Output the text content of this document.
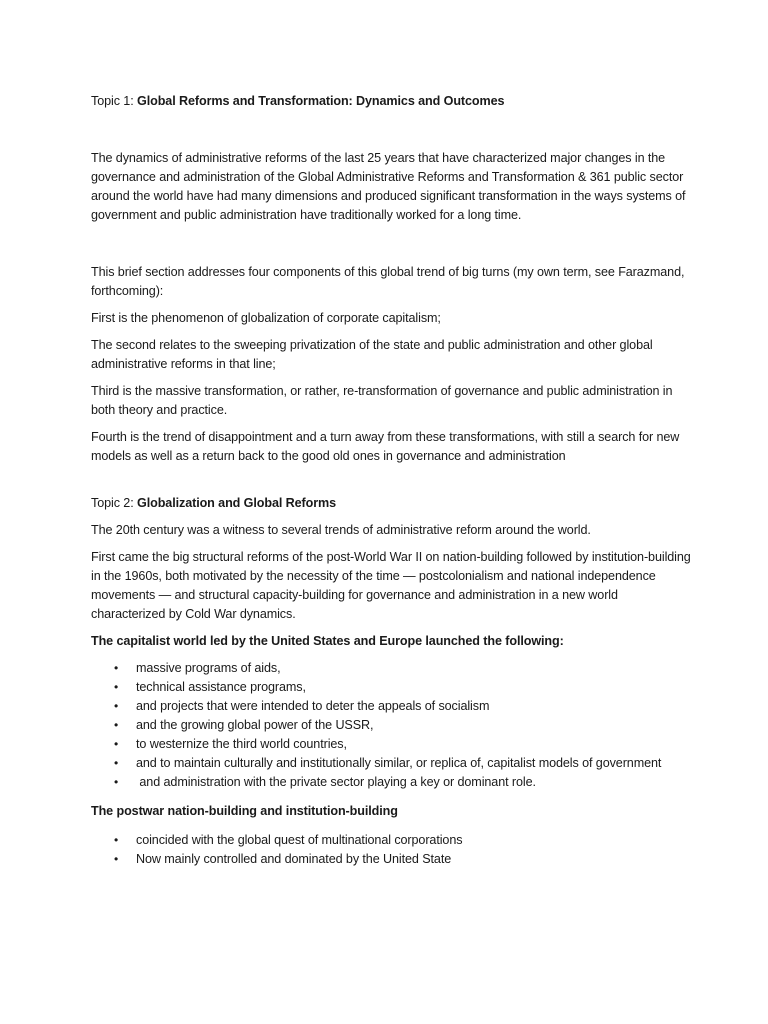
Topic 1: Global Reforms and Transformation: Dynamics and Outcomes

The dynamics of administrative reforms of the last 25 years that have characterized major changes in the governance and administration of the Global Administrative Reforms and Transformation & 361 public sector around the world have had many dimensions and produced significant transformation in the ways systems of government and public administration have traditionally worked for a long time.

This brief section addresses four components of this global trend of big turns (my own term, see Farazmand, forthcoming):

First is the phenomenon of globalization of corporate capitalism;

The second relates to the sweeping privatization of the state and public administration and other global administrative reforms in that line;

Third is the massive transformation, or rather, re-transformation of governance and public administration in both theory and practice.

Fourth is the trend of disappointment and a turn away from these transformations, with still a search for new models as well as a return back to the good old ones in governance and administration

Topic 2: Globalization and Global Reforms

The 20th century was a witness to several trends of administrative reform around the world.

First came the big structural reforms of the post-World War II on nation-building followed by institution-building in the 1960s, both motivated by the necessity of the time — postcolonialism and national independence movements — and structural capacity-building for governance and administration in a new world characterized by Cold War dynamics.

The capitalist world led by the United States and Europe launched the following:

• massive programs of aids,
• technical assistance programs,
• and projects that were intended to deter the appeals of socialism
• and the growing global power of the USSR,
• to westernize the third world countries,
• and to maintain culturally and institutionally similar, or replica of, capitalist models of government
• and administration with the private sector playing a key or dominant role.

The postwar nation-building and institution-building

• coincided with the global quest of multinational corporations
• Now mainly controlled and dominated by the United State
